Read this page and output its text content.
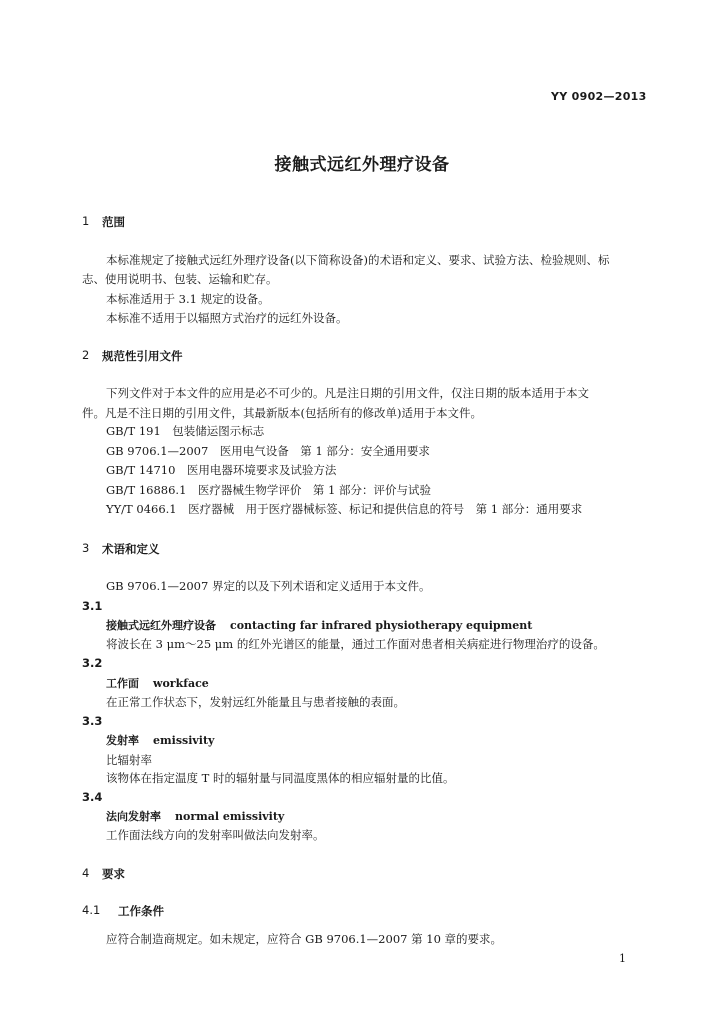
YY 0902—2013
接触式远红外理疗设备
1 范围
本标准规定了接触式远红外理疗设备(以下简称设备)的术语和定义、要求、试验方法、检验规则、标
志、使用说明书、包装、运输和贮存。
本标准适用于 3.1 规定的设备。
本标准不适用于以辐照方式治疗的远红外设备。
2 规范性引用文件
下列文件对于本文件的应用是必不可少的。凡是注日期的引用文件，仅注日期的版本适用于本文
件。凡是不注日期的引用文件，其最新版本(包括所有的修改单)适用于本文件。
GB/T 191　包装储运图示标志
GB 9706.1—2007　医用电气设备　第 1 部分：安全通用要求
GB/T 14710　医用电器环境要求及试验方法
GB/T 16886.1　医疗器械生物学评价　第 1 部分：评价与试验
YY/T 0466.1　医疗器械　用于医疗器械标签、标记和提供信息的符号　第 1 部分：通用要求
3 术语和定义
GB 9706.1—2007 界定的以及下列术语和定义适用于本文件。
3.1
接触式远红外理疗设备 contacting far infrared physiotherapy equipment
将波长在 3 μm～25 μm 的红外光谱区的能量，通过工作面对患者相关病症进行物理治疗的设备。
3.2
工作面 workface
在正常工作状态下，发射远红外能量且与患者接触的表面。
3.3
发射率 emissivity
比辐射率
该物体在指定温度 T 时的辐射量与同温度黑体的相应辐射量的比值。
3.4
法向发射率 normal emissivity
工作面法线方向的发射率叫做法向发射率。
4 要求
4.1 工作条件
应符合制造商规定。如未规定，应符合 GB 9706.1—2007 第 10 章的要求。
1
